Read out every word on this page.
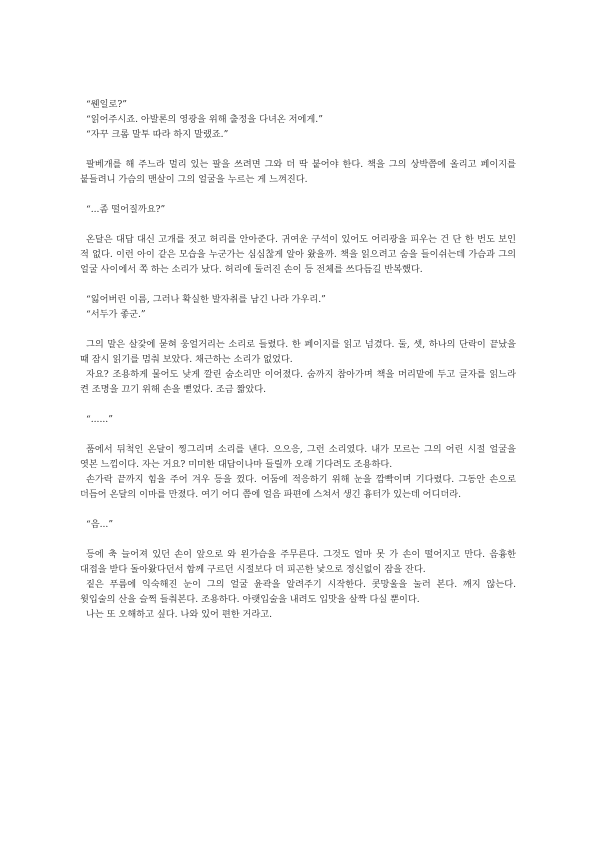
“웬일로?”

“읽어주시죠. 아발론의 영광을 위해 출정을 다녀온 저에게.”

“자꾸 크롬 말투 따라 하지 말랬죠.”

팔베개를 해 주느라 멀리 있는 팔을 쓰려면 그와 더 딱 붙어야 한다. 책을 그의 상박쯤에 올리고 페이지를 붙들려니 가슴의 맨살이 그의 얼굴을 누르는 게 느껴진다.

“...좀 떨어질까요?”

온달은 대답 대신 고개를 젓고 허리를 안아준다. 귀여운 구석이 있어도 어리광을 피우는 건 단 한 번도 보인 적 없다. 이런 아이 같은 모습을 누군가는 심심찮게 알아 왔을까. 책을 읽으려고 숨을 들이쉬는데 가슴과 그의 얼굴 사이에서 쪽 하는 소리가 났다. 허리에 둘러진 손이 등 전체를 쓰다듬길 반복했다.

“잃어버린 이름, 그러나 확실한 발자취를 남긴 나라 가우리.”

“서두가 좋군.”

그의 말은 살갗에 묻혀 웅얼거리는 소리로 들렸다. 한 페이지를 읽고 넘겼다. 둘, 셋, 하나의 단락이 끝났을 때 잠시 읽기를 멈춰 보았다. 채근하는 소리가 없었다.

자요? 조용하게 물어도 낮게 깔린 숨소리만 이어졌다. 숨까지 참아가며 책을 머리맡에 두고 글자를 읽느라 켠 조명을 끄기 위해 손을 뻗었다. 조금 짧았다.

“......”

품에서 뒤척인 온달이 찡그리며 소리를 낸다. 으으응, 그런 소리였다. 내가 모르는 그의 어린 시절 얼굴을 엿본 느낌이다. 자는 거요? 미미한 대답이나마 들릴까 오래 기다려도 조용하다.

손가락 끝까지 힘을 주어 겨우 등을 껐다. 어둠에 적응하기 위해 눈을 깜빡이며 기다렸다. 그동안 손으로 더듬어 온달의 이마를 만졌다. 여기 어디 쯤에 얼음 파편에 스쳐서 생긴 흉터가 있는데 어디더라.

“음...”

등에 축 늘어져 있던 손이 앞으로 와 왼가슴을 주무른다. 그것도 얼마 못 가 손이 떨어지고 만다. 음흉한 대접을 받다 돌아왔다던서 함께 구르던 시절보다 더 피곤한 낯으로 정신없이 잠을 잔다.

짙은 푸름에 익숙해진 눈이 그의 얼굴 윤곽을 알려주기 시작한다. 콧망울을 눌러 본다. 깨지 않는다. 윗입술의 산을 슬쩍 들춰본다. 조용하다. 아랫입술을 내려도 입맛을 살짝 다실 뿐이다.

나는 또 오해하고 싶다. 나와 있어 편한 거라고.
